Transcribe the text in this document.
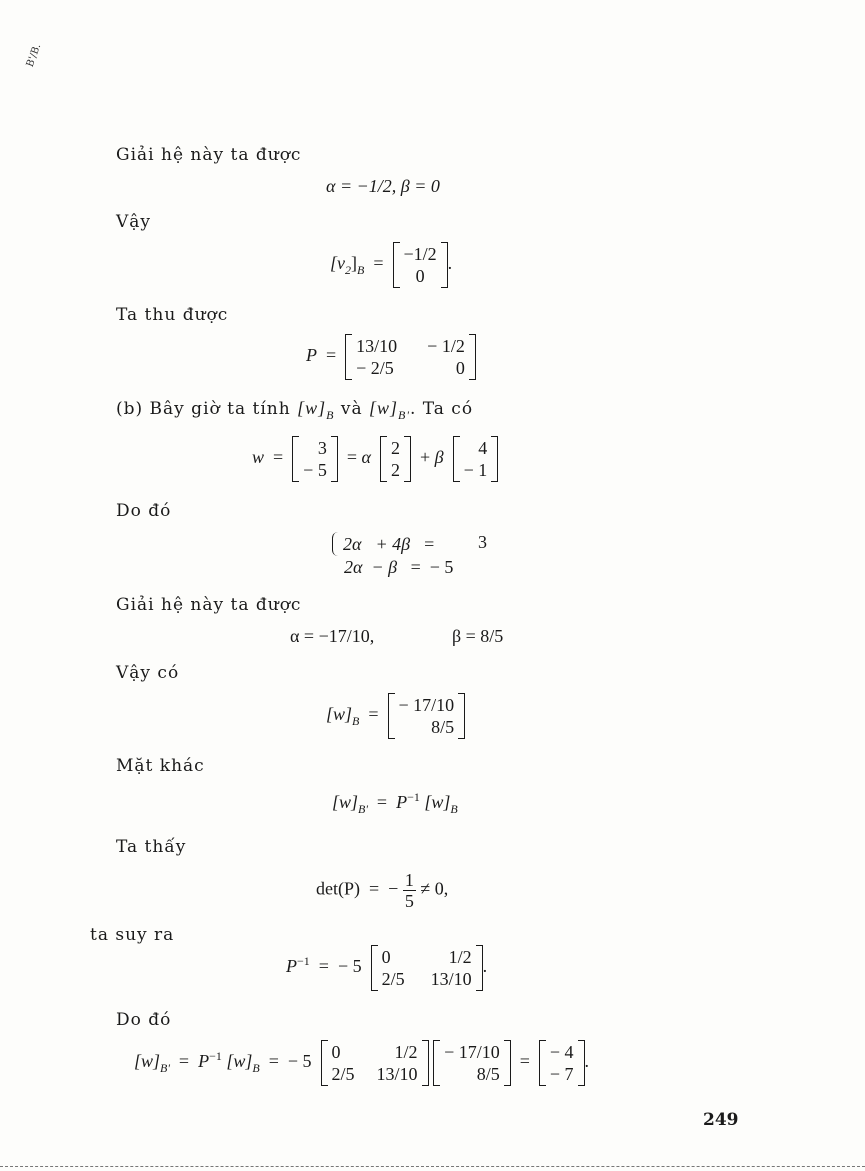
B'/B.
Giải hệ này ta được
α = −1/2, β = 0
Vậy
$[v_2]_B = -1/2$
0
.
Ta thu được
P = 13/10 − 1/2
− 2/5	0
(b) Bây giờ ta tính $[w]_B$ và $[w]_{B'}$. Ta có
w =	3
− 5
= α 2
2
+ β	4
− 1
Do đó
2α + 4β = 3
2α − β = − 5
Giải hệ này ta được
α = −17/10,	β = 8/5
Vậy có
$[w]_B$ = − 17/10
8/5
Mặt khác
$[w]_{B'} = P^{-1}$ $[w]_B$
Ta thấy
det(P) = − $\frac{1}{5} \ne 0$,
ta suy ra
$P^{-1}$ = − 5 0	1/2
2/5 13/10
.
Do đó
$[w]_{B'} = P^{-1}$ $[w]_B$ = − 5 0	1/2
2/5 13/10

− 17/10
8/5
= − 4
− 7
.
249
